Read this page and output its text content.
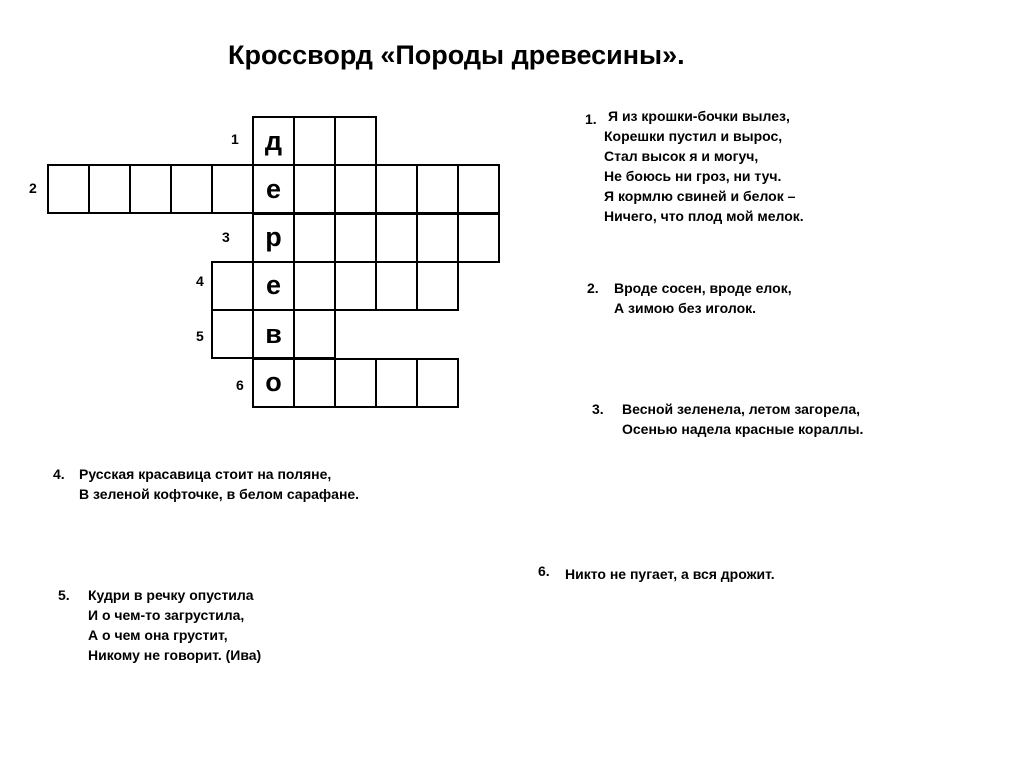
Кроссворд «Породы древесины».
д
1
е
2
р
3
е
4
в
5
о
6
1. Я из крошки-бочки вылез,
Корешки пустил и вырос,
Стал высок я и могуч,
Не боюсь ни гроз, ни туч.
Я кормлю свиней и белок –
Ничего, что плод мой мелок.
2. Вроде сосен, вроде елок,
А зимою без иголок.
3. Весной зеленела, летом загорела,
Осенью надела красные кораллы.
4. Русская красавица стоит на поляне,
В зеленой кофточке, в белом сарафане.
5. Кудри в речку опустила
И о чем-то загрустила,
А о чем она грустит,
Никому не говорит. (Ива)
6. Никто не пугает, а вся дрожит.
